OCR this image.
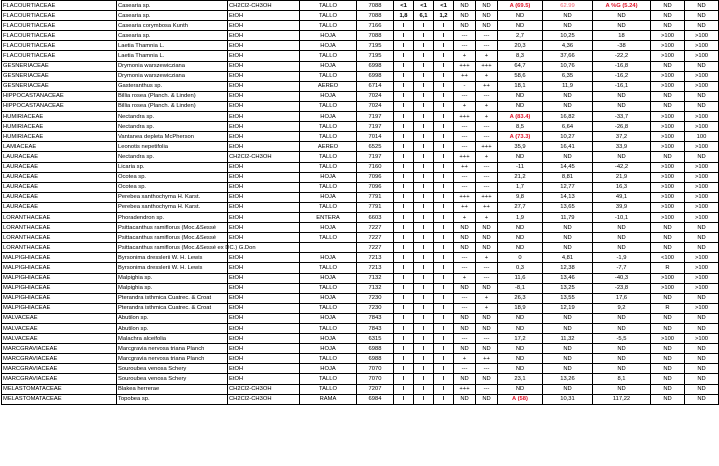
FLACOURTIACEAE	Casearia sp.	CH2Cl2-CH3OH	TALLO	7088	<1	<1	<1	ND	ND	A (69.5)	62.99	A %G (5.24)	ND	ND
FLACOURTIACEAE	Casearia sp.	EtOH	TALLO	7088	1,8	6,1	1,2	ND	ND	ND	ND	ND	ND	ND
FLACOURTIACEAE	Casearia corymbosa Kunth	EtOH	TALLO	7166	I	I	I	ND	ND	ND	ND	ND	ND	ND
FLACOURTIACEAE	Casearia sp.	EtOH	HOJA	7088	I	I	I	---	---	2,7	10,25	18	>100	>100
FLACOURTIACEAE	Laetia Thamnia L.	EtOH	HOJA	7195	I	I	I	---	---	20,3	4,36	-38	>100	>100
FLACOURTIACEAE	Laetia Thamnia L.	EtOH	TALLO	7195	I	I	I	+	+	8,3	37,66	-22,2	>100	>100
GESNERIACEAE	Drymonia warszewicziana	EtOH	HOJA	6998	I	I	I	+++	+++	64,7	10,76	-16,8	ND	ND
GESNERIACEAE	Drymonia warszewicziana	EtOH	TALLO	6998	I	I	I	++	+	58,6	6,35	-16,2	>100	>100
GESNERIACEAE	Gasteranthus sp.	EtOH	AEREO	6714	I	I	I	-	++	18,1	11,9	-16,1	>100	>100
HIPPOCASTANACEAE	Billia rosea (Planch. & Linden)	EtOH	HOJA	7024	I	I	I	---	---	ND	ND	ND	ND	ND
HIPPOCASTANACEAE	Billia rosea (Planch. & Linden)	EtOH	TALLO	7024	I	I	I	+	+	ND	ND	ND	ND	ND
HUMIRIACEAE	Nectandra sp.	EtOH	HOJA	7197	I	I	I	+++	+	A (83.4)	16,82	-33,7	>100	>100
HUMIRIACEAE	Nectandra sp.	EtOH	TALLO	7197	I	I	I	---	---	8,5	6,64	-26,8	>100	>100
HUMIRIACEAE	Vantanea depleta McPherson	EtOH	TALLO	7014	I	I	I	---	---	A (73.3)	10,27	37,2	>100	100
LAMIACEAE	Leonotis nepetifolia	EtOH	AEREO	6525	I	I	I	---	+++	35,9	16,41	33,9	>100	>100
LAURACEAE	Nectandra sp.	CH2Cl2-CH3OH	TALLO	7197	I	I	I	+++	+	ND	ND	ND	ND	ND
LAURACEAE	Licaria sp.	EtOH	TALLO	7160	I	I	I	++	---	-11	14,45	-42,2	>100	>100
LAURACEAE	Ocotea sp.	EtOH	HOJA	7096	I	I	I	---	---	21,2	8,81	21,9	>100	>100
LAURACEAE	Ocotea sp.	EtOH	TALLO	7096	I	I	I	---	---	1,7	12,77	16,3	>100	>100
LAURACEAE	Perebea xanthochyma H. Karst.	EtOH	HOJA	7791	I	I	I	+++	+++	9,8	14,13	49,1	>100	>100
LAURACEAE	Perebea xanthochyma H. Karst.	EtOH	TALLO	7791	I	I	I	++	++	27,7	13,65	39,9	>100	>100
LORANTHACEAE	Phoradendron sp.	EtOH	ENTERA	6603	I	I	I	+	+	1,9	11,79	-10,1	>100	>100
LORANTHACEAE	Psittacanthus ramiflorus (Moc.&Sessé	EtOH	HOJA	7227	I	I	I	ND	ND	ND	ND	ND	ND	ND
LORANTHACEAE	Psittacanthus ramiflorus (Moc.&Sessé	EtOH	TALLO	7227	I	I	I	ND	ND	ND	ND	ND	ND	ND
LORANTHACEAE	Psittacanthus ramiflorus (Moc.&Sessé ex DC.) G.Don			7227	I	I	I	ND	ND	ND	ND	ND	ND	ND
MALPIGHIACEAE	Byrsonima dresslerii W. H. Lewis	EtOH	HOJA	7213	I	I	I	---	+	0	4,81	-1,9	<100	>100
MALPIGHIACEAE	Byrsonima dresslerii W. H. Lewis	EtOH	TALLO	7213	I	I	I	---	---	0,3	12,38	-7,7	R	>100
MALPIGHIACEAE	Malpighia sp.	EtOH	HOJA	7132	I	I	I	+	---	11,6	13,46	-40,3	>100	>100
MALPIGHIACEAE	Malpighia sp.	EtOH	TALLO	7132	I	I	I	ND	ND	-8,1	13,25	-23,8	>100	>100
MALPIGHIACEAE	Pterandra isthmica Cuatrec. & Croat	EtOH	HOJA	7230	I	I	I	---	+	26,3	13,55	17,6	ND	ND
MALPIGHIACEAE	Pterandra isthmica Cuatrec. & Croat	EtOH	TALLO	7230	I	I	I	---	+	18,9	12,19	9,2	R	>100
MALVACEAE	Abutilon sp.	EtOH	HOJA	7843	I	I	I	ND	ND	ND	ND	ND	ND	ND
MALVACEAE	Abutilon sp.	EtOH	TALLO	7843	I	I	I	ND	ND	ND	ND	ND	ND	ND
MALVACEAE	Malachra alceifolia	EtOH	HOJA	6315	I	I	I	---	---	17,2	11,32	-5,5	>100	>100
MARCGRAVIACEAE	Marcgravia nervosa triana Planch	EtOH	HOJA	6988	I	I	I	ND	ND	ND	ND	ND	ND	ND
MARCGRAVIACEAE	Marcgravia nervosa triana Planch	EtOH	TALLO	6988	I	I	I	+	++	ND	ND	ND	ND	ND
MARCGRAVIACEAE	Souroubea venosa Schery	EtOH	HOJA	7070	I	I	I	---	---	ND	ND	ND	ND	ND
MARCGRAVIACEAE	Souroubea venosa Schery	EtOH	TALLO	7070	I	I	I	ND	ND	23,1	13,26	8,1	ND	ND
MELASTOMATACEAE	Blakea herrerae	CH2Cl2-CH3OH	TALLO	7207	I	I	I	+++	---	ND	ND	ND	ND	ND
MELASTOMATACEAE	Topobea sp.	CH2Cl2-CH3OH	RAMA	6984	I	I	I	ND	ND	A (58)	10,31	117,22	ND	ND
